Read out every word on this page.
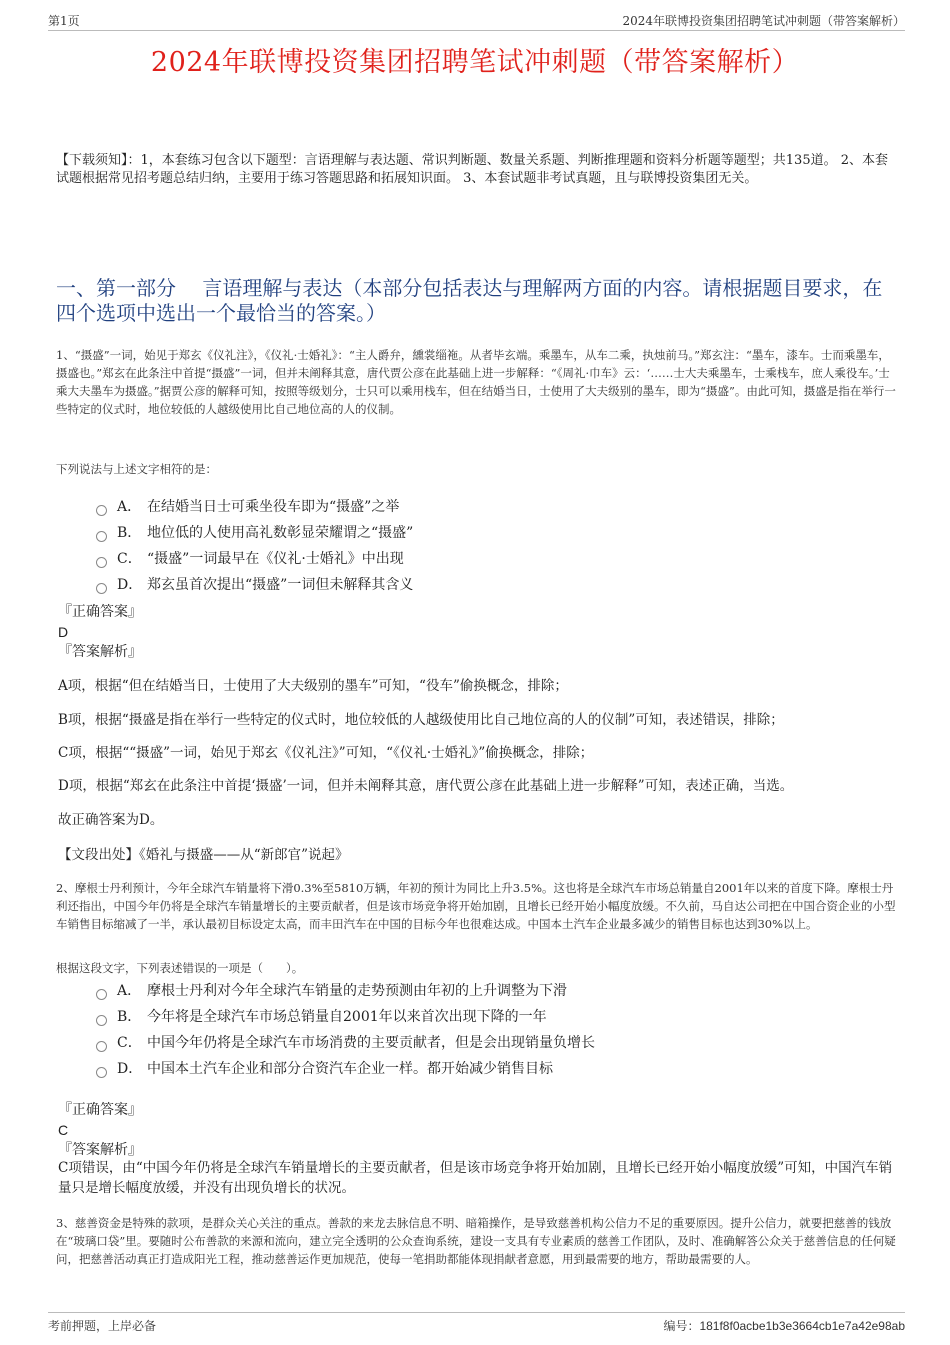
第1页	2024年联博投资集团招聘笔试冲刺题（带答案解析）
2024年联博投资集团招聘笔试冲刺题（带答案解析）
【下载须知】：1，本套练习包含以下题型：言语理解与表达题、常识判断题、数量关系题、判断推理题和资料分析题等题型；共135道。 2、本套试题根据常见招考题总结归纳，主要用于练习答题思路和拓展知识面。 3、本套试题非考试真题，且与联博投资集团无关。
一、第一部分　 言语理解与表达（本部分包括表达与理解两方面的内容。请根据题目要求，在四个选项中选出一个最恰当的答案。）
1、“摄盛”一词，始见于郑玄《仪礼注》，《仪礼·士婚礼》：“主人爵弁，纁裳缁袘。从者毕玄端。乘墨车，从车二乘，执烛前马。”郑玄注：“墨车，漆车。士而乘墨车，摄盛也。”郑玄在此条注中首提“摄盛”一词，但并未阐释其意，唐代贾公彦在此基础上进一步解释：“《周礼·巾车》云：‘……士大夫乘墨车，士乘栈车，庶人乘役车。’士乘大夫墨车为摄盛。”据贾公彦的解释可知，按照等级划分，士只可以乘用栈车，但在结婚当日，士使用了大夫级别的墨车，即为“摄盛”。由此可知，摄盛是指在举行一些特定的仪式时，地位较低的人越级使用比自己地位高的人的仪制。
下列说法与上述文字相符的是：
A． 在结婚当日士可乘坐役车即为“摄盛”之举
B． 地位低的人使用高礼数彰显荣耀谓之“摄盛”
C． “摄盛”一词最早在《仪礼·士婚礼》中出现
D． 郑玄虽首次提出“摄盛”一词但未解释其含义
『正确答案』
D
『答案解析』
A项，根据“但在结婚当日，士使用了大夫级别的墨车”可知，“役车”偷换概念，排除；
B项，根据“摄盛是指在举行一些特定的仪式时，地位较低的人越级使用比自己地位高的人的仪制”可知，表述错误，排除；
C项，根据““摄盛”一词，始见于郑玄《仪礼注》”可知，“《仪礼·士婚礼》”偷换概念，排除；
D项，根据“郑玄在此条注中首提‘摄盛’一词，但并未阐释其意，唐代贾公彦在此基础上进一步解释”可知，表述正确，当选。
故正确答案为D。
【文段出处】《婚礼与摄盛——从“新郎官”说起》
2、摩根士丹利预计，今年全球汽车销量将下滑0.3%至5810万辆，年初的预计为同比上升3.5%。这也将是全球汽车市场总销量自2001年以来的首度下降。摩根士丹利还指出，中国今年仍将是全球汽车销量增长的主要贡献者，但是该市场竞争将开始加剧，且增长已经开始小幅度放缓。不久前，马自达公司把在中国合资企业的小型车销售目标缩减了一半，承认最初目标设定太高，而丰田汽车在中国的目标今年也很难达成。中国本土汽车企业最多减少的销售目标也达到30%以上。
根据这段文字，下列表述错误的一项是（　　）。
A． 摩根士丹利对今年全球汽车销量的走势预测由年初的上升调整为下滑
B． 今年将是全球汽车市场总销量自2001年以来首次出现下降的一年
C． 中国今年仍将是全球汽车市场消费的主要贡献者，但是会出现销量负增长
D． 中国本土汽车企业和部分合资汽车企业一样。都开始减少销售目标
『正确答案』
C
『答案解析』
C项错误，由“中国今年仍将是全球汽车销量增长的主要贡献者，但是该市场竞争将开始加剧，且增长已经开始小幅度放缓”可知，中国汽车销量只是增长幅度放缓，并没有出现负增长的状况。
3、慈善资金是特殊的款项，是群众关心关注的重点。善款的来龙去脉信息不明、暗箱操作，是导致慈善机构公信力不足的重要原因。提升公信力，就要把慈善的钱放在“玻璃口袋”里。要随时公布善款的来源和流向，建立完全透明的公众查询系统，建设一支具有专业素质的慈善工作团队，及时、准确解答公众关于慈善信息的任何疑问，把慈善活动真正打造成阳光工程，推动慈善运作更加规范，使每一笔捐助都能体现捐献者意愿，用到最需要的地方，帮助最需要的人。
考前押题，上岸必备	编号：181f8f0acbe1b3e3664cb1e7a42e98ab
